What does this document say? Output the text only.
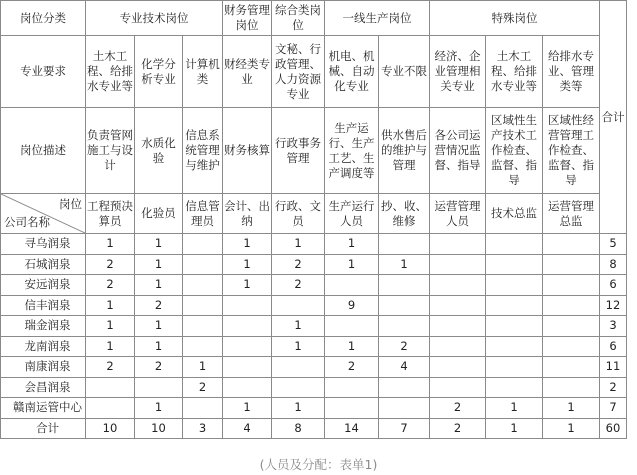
岗位分类	专业技术岗位			财务管理岗位	综合类岗位	一线生产岗位		特殊岗位			合计
专业要求	土木工程、给排水专业等	化学分析专业	计算机类	财经类专业	文秘、行政管理、人力资源专业	机电、机械、自动化专业	专业不限	经济、企业管理相关专业	土木工程、给排水专业等	给排水专业、管理类等	
岗位描述	负责管网施工与设计	水质化验	信息系统管理与维护	财务核算	行政事务管理	生产运行、生产工艺、生产调度等	供水售后的维护与管理	各公司运营情况监督、指导	区域性生产技术工作检查、监督、指导	区域性经营管理工作检查、监督、指导	

岗位
公司名称	工程预决算员	化验员	信息管理员	会计、出纳	行政、文员	生产运行人员	抄、收、维修	运营管理人员	技术总监	运营管理总监	
寻乌润泉	1	1		1	1	1					5
石城润泉	2	1		1	2	1	1				8
安远润泉	2	1		1	2						6
信丰润泉	1	2				9					12
瑞金润泉	1	1			1						3
龙南润泉	1	1			1	1	2				6
南康润泉	2	2	1			2	4				11
会昌润泉			2								2
赣南运管中心		1		1	1			2	1	1	7
合计	10	10	3	4	8	14	7	2	1	1	60
(人员及分配：表单1)
